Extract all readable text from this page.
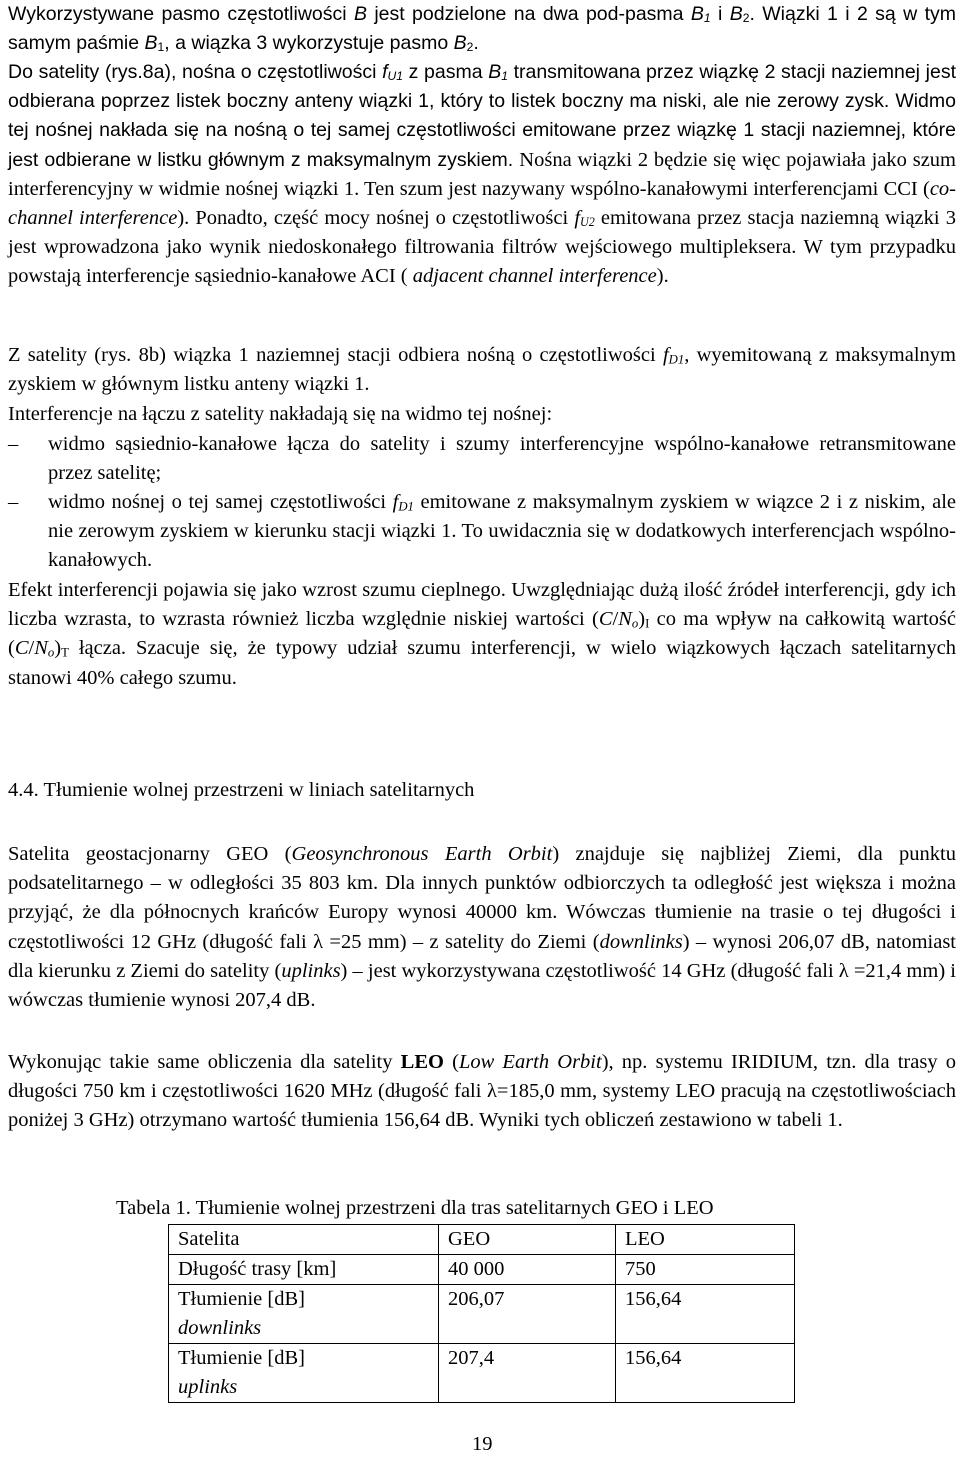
Wykorzystywane pasmo częstotliwości B jest podzielone na dwa pod-pasma $B_1$ i $B_2$. Wiązki 1 i 2 są w tym samym paśmie $B_1$, a wiązka 3 wykorzystuje pasmo $B_2$.

Do satelity (rys.8a), nośna o częstotliwości $f_{U1}$ z pasma $B_1$ transmitowana przez wiązkę 2 stacji naziemnej jest odbierana poprzez listek boczny anteny wiązki 1, który to listek boczny ma niski, ale nie zerowy zysk. Widmo tej nośnej nakłada się na nośną o tej samej częstotliwości emitowane przez wiązkę 1 stacji naziemnej, które jest odbierane w listku głównym z maksymalnym zyskiem. Nośna wiązki 2 będzie się więc pojawiała jako szum interferencyjny w widmie nośnej wiązki 1. Ten szum jest nazywany wspólno-kanałowymi interferencjami CCI (co-channel interference). Ponadto, część mocy nośnej o częstotliwości $f_{U2}$ emitowana przez stacja naziemną wiązki 3 jest wprowadzona jako wynik niedoskonałego filtrowania filtrów wejściowego multipleksera. W tym przypadku powstają interferencje sąsiednio-kanałowe ACI ( adjacent channel interference).

Z satelity (rys. 8b) wiązka 1 naziemnej stacji odbiera nośną o częstotliwości $f_{D1}$, wyemitowaną z maksymalnym zyskiem w głównym listku anteny wiązki 1.

Interferencje na łączu z satelity nakładają się na widmo tej nośnej:

–	widmo sąsiednio-kanałowe łącza do satelity i szumy interferencyjne wspólno-kanałowe retransmitowane przez satelitę;
–	widmo nośnej o tej samej częstotliwości $f_{D1}$ emitowane z maksymalnym zyskiem w wiązce 2 i z niskim, ale nie zerowym zyskiem w kierunku stacji wiązki 1. To uwidacznia się w dodatkowych interferencjach wspólno-kanałowych.

Efekt interferencji pojawia się jako wzrost szumu cieplnego. Uwzględniając dużą ilość źródeł interferencji, gdy ich liczba wzrasta, to wzrasta również liczba względnie niskiej wartości $(C/N_o)_I$ co ma wpływ na całkowitą wartość $(C/N_o)_T$ łącza. Szacuje się, że typowy udział szumu interferencji, w wielo wiązkowych łączach satelitarnych stanowi 40% całego szumu.

4.4. Tłumienie wolnej przestrzeni w liniach satelitarnych

Satelita geostacjonarny GEO (Geosynchronous Earth Orbit) znajduje się najbliżej Ziemi, dla punktu podsatelitarnego – w odległości 35 803 km. Dla innych punktów odbiorczych ta odległość jest większa i można przyjąć, że dla północnych krańców Europy wynosi 40000 km. Wówczas tłumienie na trasie o tej długości i częstotliwości 12 GHz (długość fali λ =25 mm) – z satelity do Ziemi (downlinks) – wynosi 206,07 dB, natomiast dla kierunku z Ziemi do satelity (uplinks) – jest wykorzystywana częstotliwość 14 GHz (długość fali λ =21,4 mm) i wówczas tłumienie wynosi 207,4 dB.

Wykonując takie same obliczenia dla satelity LEO (Low Earth Orbit), np. systemu IRIDIUM, tzn. dla trasy o długości 750 km i częstotliwości 1620 MHz (długość fali λ=185,0 mm, systemy LEO pracują na częstotliwościach poniżej 3 GHz) otrzymano wartość tłumienia 156,64 dB. Wyniki tych obliczeń zestawiono w tabeli 1.

Tabela 1. Tłumienie wolnej przestrzeni dla tras satelitarnych GEO i LEO

Satelita	GEO	LEO
Długość trasy [km]	40 000	750
Tłumienie [dB]
downlinks	206,07	156,64
Tłumienie [dB]
uplinks	207,4	156,64

19
